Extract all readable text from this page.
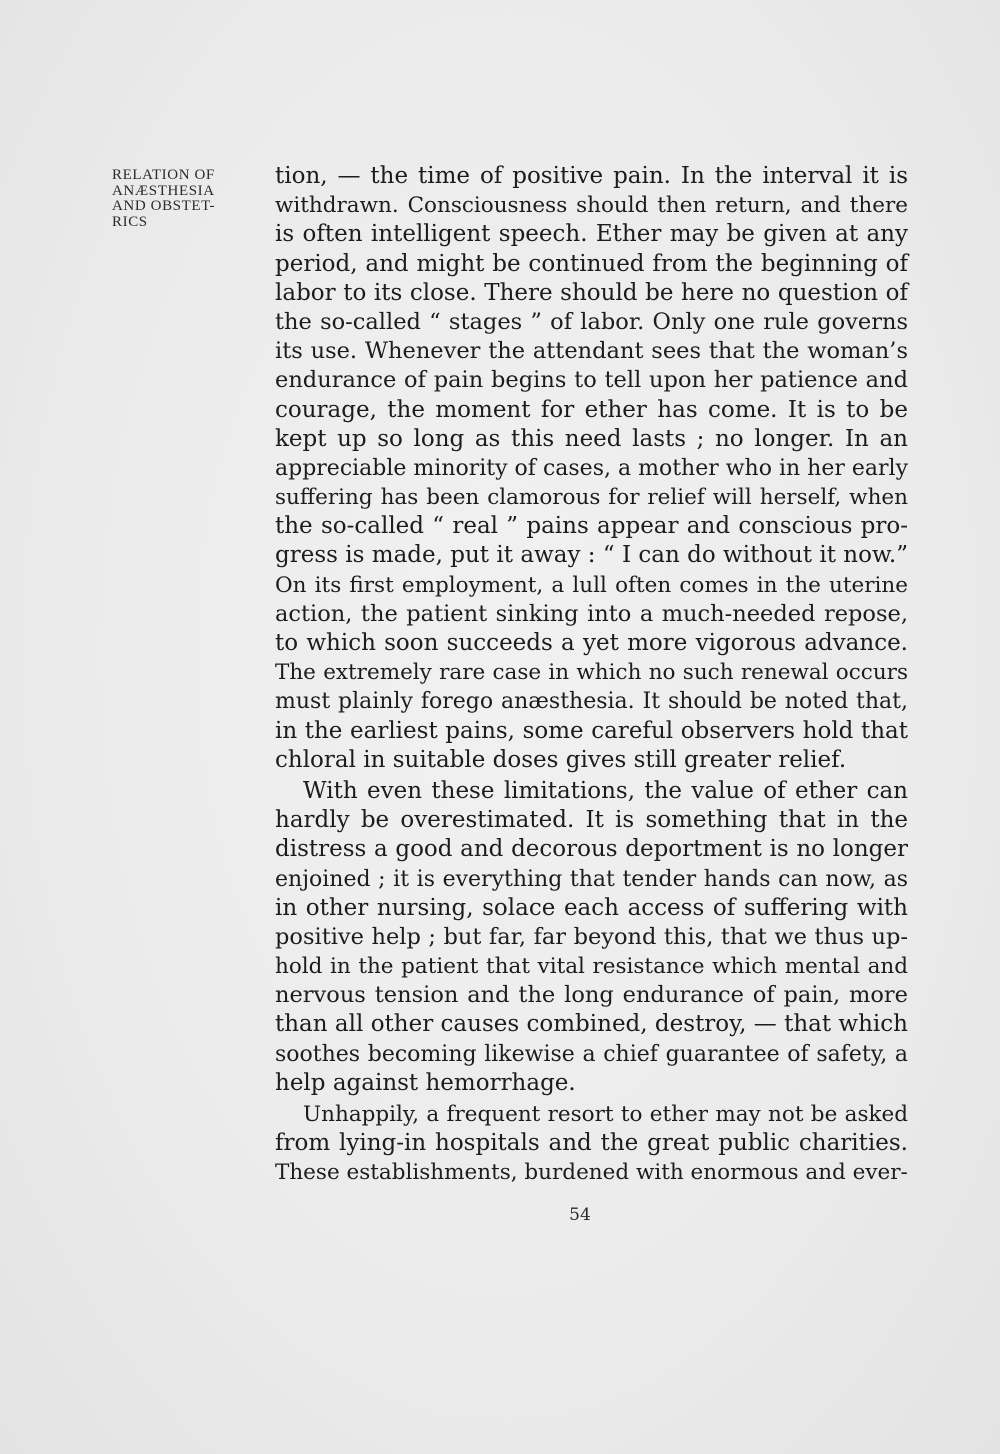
RELATION OF
ANÆSTHESIA
AND OBSTET-
RICS
tion, — the time of positive pain. In the interval it is
withdrawn. Consciousness should then return, and there
is often intelligent speech. Ether may be given at any
period, and might be continued from the beginning of
labor to its close. There should be here no question of
the so-called “ stages ” of labor. Only one rule governs
its use. Whenever the attendant sees that the woman’s
endurance of pain begins to tell upon her patience and
courage, the moment for ether has come. It is to be
kept up so long as this need lasts ; no longer. In an
appreciable minority of cases, a mother who in her early
suffering has been clamorous for relief will herself, when
the so-called “ real ” pains appear and conscious pro-
gress is made, put it away : “ I can do without it now.”
On its first employment, a lull often comes in the uterine
action, the patient sinking into a much-needed repose,
to which soon succeeds a yet more vigorous advance.
The extremely rare case in which no such renewal occurs
must plainly forego anæsthesia. It should be noted that,
in the earliest pains, some careful observers hold that
chloral in suitable doses gives still greater relief.
With even these limitations, the value of ether can
hardly be overestimated. It is something that in the
distress a good and decorous deportment is no longer
enjoined ; it is everything that tender hands can now, as
in other nursing, solace each access of suffering with
positive help ; but far, far beyond this, that we thus up-
hold in the patient that vital resistance which mental and
nervous tension and the long endurance of pain, more
than all other causes combined, destroy, — that which
soothes becoming likewise a chief guarantee of safety, a
help against hemorrhage.
Unhappily, a frequent resort to ether may not be asked
from lying-in hospitals and the great public charities.
These establishments, burdened with enormous and ever-
54
